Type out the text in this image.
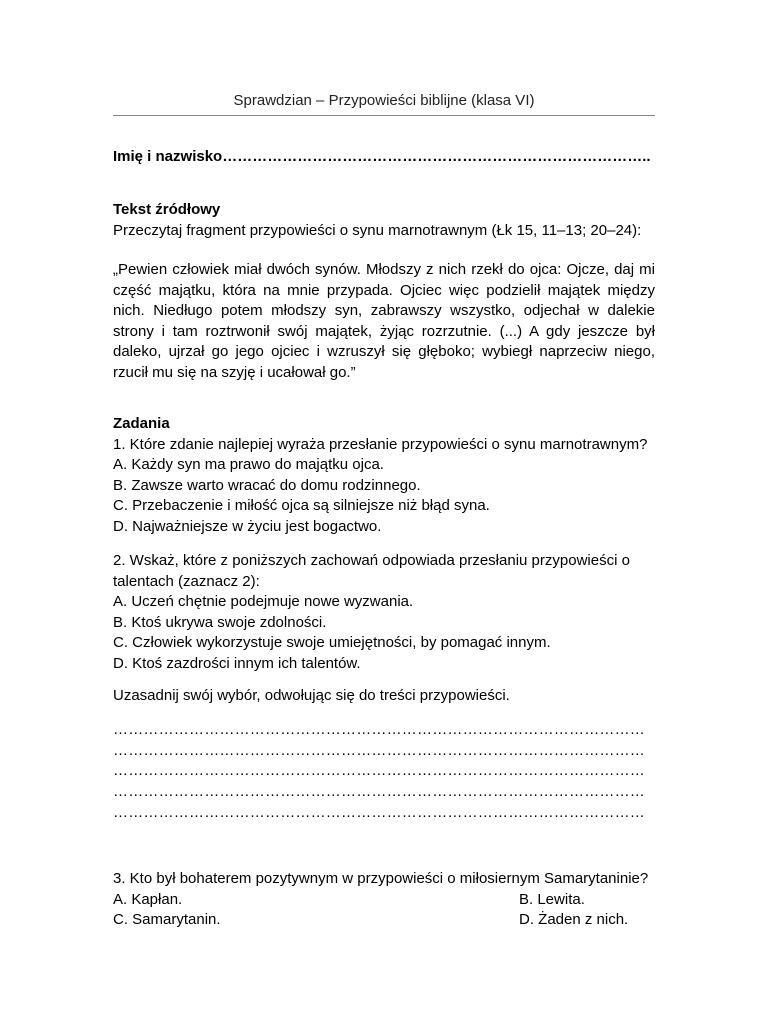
Sprawdzian – Przypowieści biblijne (klasa VI)
Imię i nazwisko…………………………………………………………………………..
Tekst źródłowy
Przeczytaj fragment przypowieści o synu marnotrawnym (Łk 15, 11–13; 20–24):
„Pewien człowiek miał dwóch synów. Młodszy z nich rzekł do ojca: Ojcze, daj mi część majątku, która na mnie przypada. Ojciec więc podzielił majątek między nich. Niedługo potem młodszy syn, zabrawszy wszystko, odjechał w dalekie strony i tam roztrwonił swój majątek, żyjąc rozrzutnie. (...) A gdy jeszcze był daleko, ujrzał go jego ojciec i wzruszył się głęboko; wybiegł naprzeciw niego, rzucił mu się na szyję i ucałował go.”
Zadania
1. Które zdanie najlepiej wyraża przesłanie przypowieści o synu marnotrawnym?
A. Każdy syn ma prawo do majątku ojca.
B. Zawsze warto wracać do domu rodzinnego.
C. Przebaczenie i miłość ojca są silniejsze niż błąd syna.
D. Najważniejsze w życiu jest bogactwo.
2. Wskaż, które z poniższych zachowań odpowiada przesłaniu przypowieści o
talentach (zaznacz 2):
A. Uczeń chętnie podejmuje nowe wyzwania.
B. Ktoś ukrywa swoje zdolności.
C. Człowiek wykorzystuje swoje umiejętności, by pomagać innym.
D. Ktoś zazdrości innym ich talentów.
Uzasadnij swój wybór, odwołując się do treści przypowieści.
……………………………………………………………………………………………
……………………………………………………………………………………………
……………………………………………………………………………………………
……………………………………………………………………………………………
……………………………………………………………………………………………
3. Kto był bohaterem pozytywnym w przypowieści o miłosiernym Samarytaninie?
A. Kapłan.	B. Lewita.
C. Samarytanin.	D. Żaden z nich.
